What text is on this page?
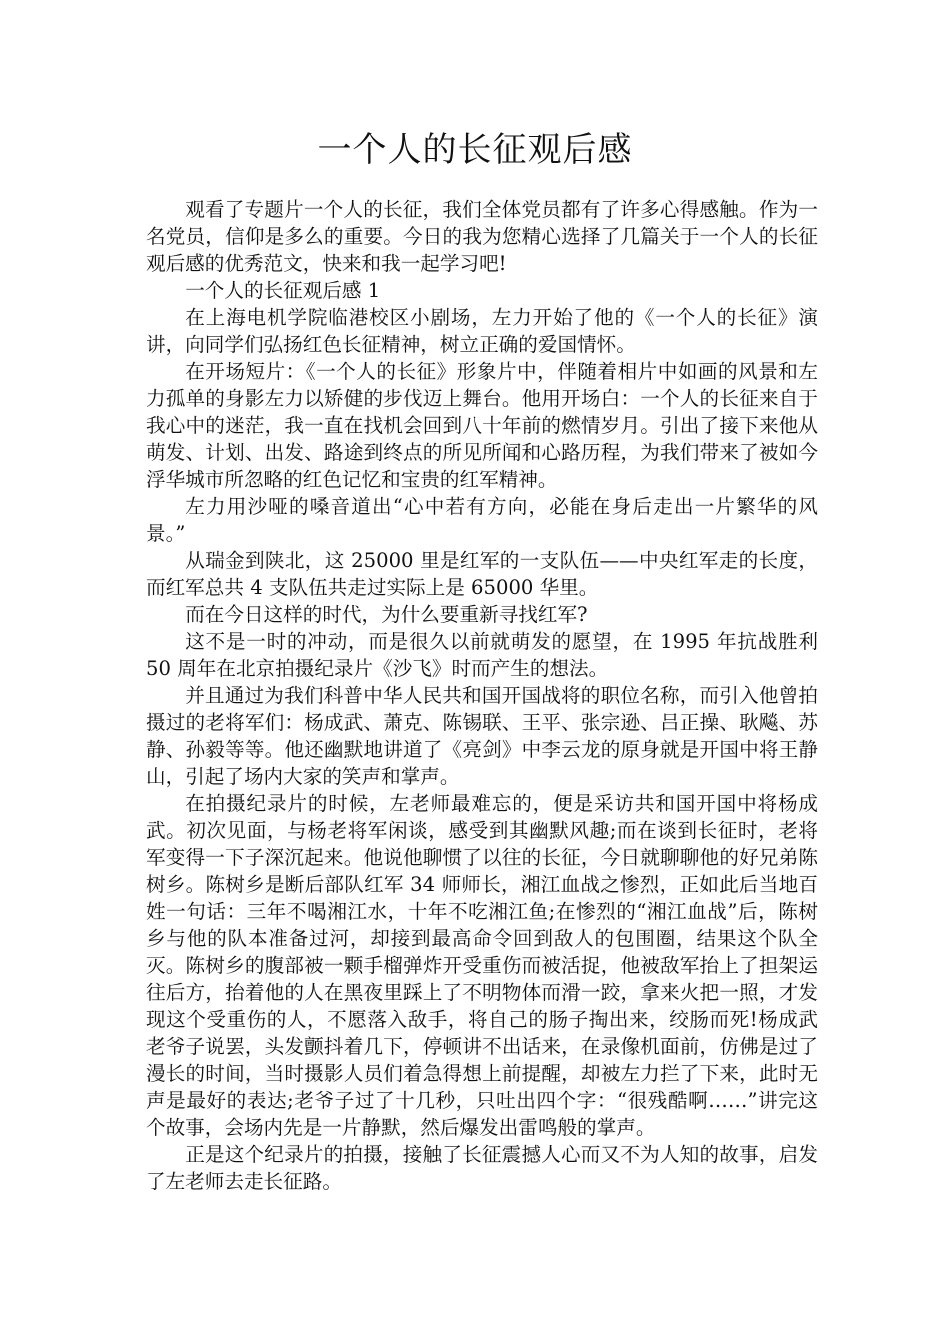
一个人的长征观后感

观看了专题片一个人的长征，我们全体党员都有了许多心得感触。作为一名党员，信仰是多么的重要。今日的我为您精心选择了几篇关于一个人的长征观后感的优秀范文，快来和我一起学习吧!

一个人的长征观后感 1

在上海电机学院临港校区小剧场，左力开始了他的《一个人的长征》演讲，向同学们弘扬红色长征精神，树立正确的爱国情怀。

在开场短片：《一个人的长征》形象片中，伴随着相片中如画的风景和左力孤单的身影左力以矫健的步伐迈上舞台。他用开场白：一个人的长征来自于我心中的迷茫，我一直在找机会回到八十年前的燃情岁月。引出了接下来他从萌发、计划、出发、路途到终点的所见所闻和心路历程，为我们带来了被如今浮华城市所忽略的红色记忆和宝贵的红军精神。

左力用沙哑的嗓音道出“心中若有方向，必能在身后走出一片繁华的风景。”

从瑞金到陕北，这 25000 里是红军的一支队伍——中央红军走的长度，而红军总共 4 支队伍共走过实际上是 65000 华里。

而在今日这样的时代，为什么要重新寻找红军?

这不是一时的冲动，而是很久以前就萌发的愿望，在 1995 年抗战胜利 50 周年在北京拍摄纪录片《沙飞》时而产生的想法。

并且通过为我们科普中华人民共和国开国战将的职位名称，而引入他曾拍摄过的老将军们：杨成武、萧克、陈锡联、王平、张宗逊、吕正操、耿飚、苏静、孙毅等等。他还幽默地讲道了《亮剑》中李云龙的原身就是开国中将王静山，引起了场内大家的笑声和掌声。

在拍摄纪录片的时候，左老师最难忘的，便是采访共和国开国中将杨成武。初次见面，与杨老将军闲谈，感受到其幽默风趣;而在谈到长征时，老将军变得一下子深沉起来。他说他聊惯了以往的长征，今日就聊聊他的好兄弟陈树乡。陈树乡是断后部队红军 34 师师长，湘江血战之惨烈，正如此后当地百姓一句话：三年不喝湘江水，十年不吃湘江鱼;在惨烈的“湘江血战”后，陈树乡与他的队本准备过河，却接到最高命令回到敌人的包围圈，结果这个队全灭。陈树乡的腹部被一颗手榴弹炸开受重伤而被活捉，他被敌军抬上了担架运往后方，抬着他的人在黑夜里踩上了不明物体而滑一跤，拿来火把一照，才发现这个受重伤的人，不愿落入敌手，将自己的肠子掏出来，绞肠而死!杨成武老爷子说罢，头发颤抖着几下，停顿讲不出话来，在录像机面前，仿佛是过了漫长的时间，当时摄影人员们着急得想上前提醒，却被左力拦了下来，此时无声是最好的表达;老爷子过了十几秒，只吐出四个字：“很残酷啊……”讲完这个故事，会场内先是一片静默，然后爆发出雷鸣般的掌声。

正是这个纪录片的拍摄，接触了长征震撼人心而又不为人知的故事，启发了左老师去走长征路。
